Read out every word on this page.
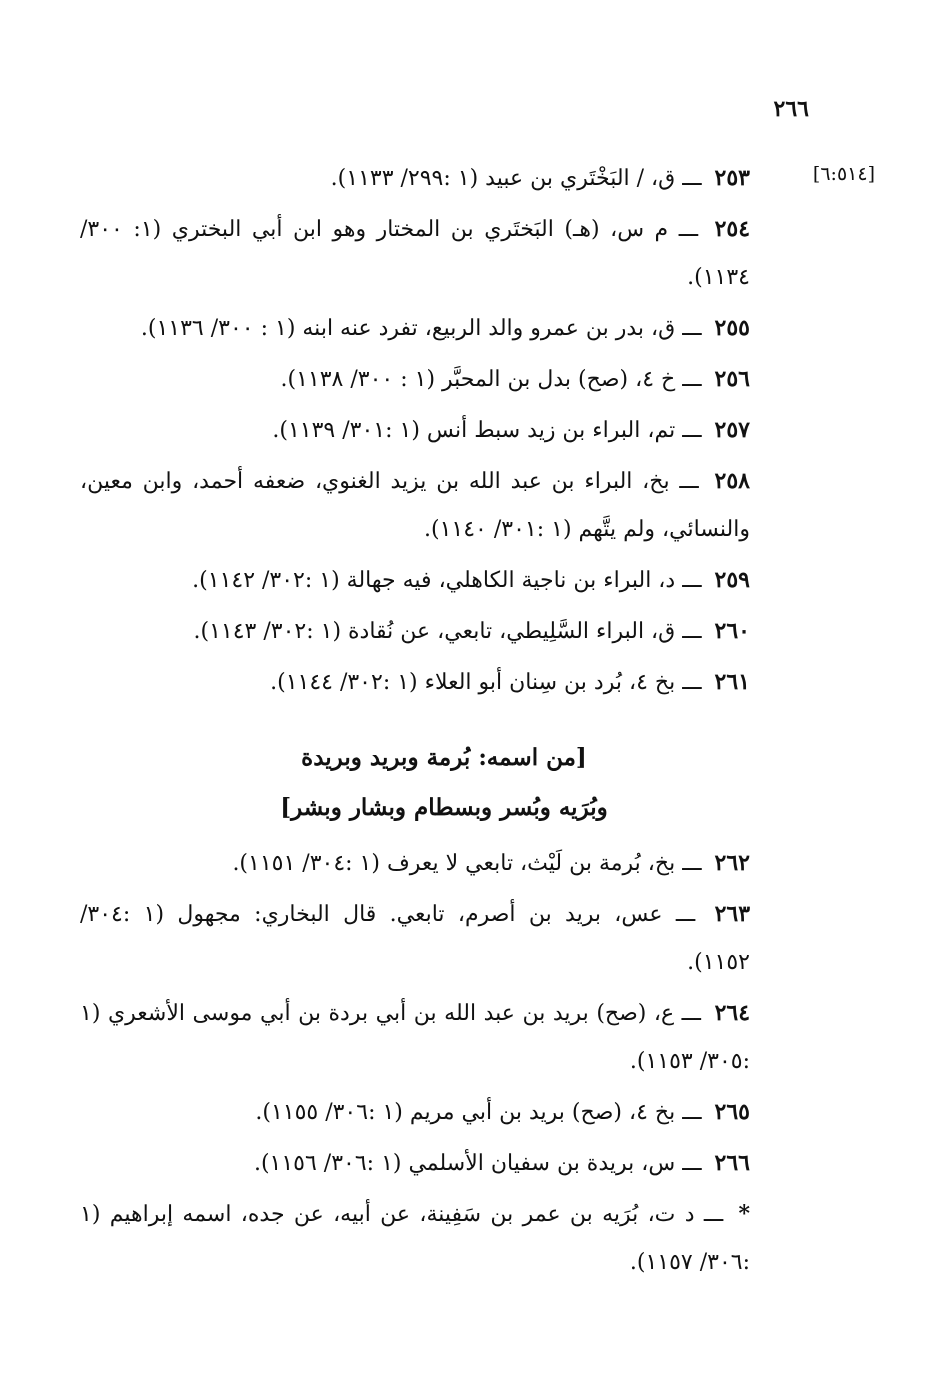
٢٦٦
[٦:٥١٤]

٢٥٣ ـــ ق، / البَخْتَري بن عبيد (١ :٢٩٩/ ١١٣٣).

٢٥٤ ـــ م س، (هـ) البَختَري بن المختار وهو ابن أبي البختري (١: ٣٠٠/ ١١٣٤).

٢٥٥ ـــ ق، بدر بن عمرو والد الربيع، تفرد عنه ابنه (١ : ٣٠٠/ ١١٣٦).

٢٥٦ ـــ خ ٤، (صح) بدل بن المحبَّر (١ : ٣٠٠/ ١١٣٨).

٢٥٧ ـــ تم، البراء بن زيد سبط أنس (١ :٣٠١/ ١١٣٩).

٢٥٨ ـــ بخ، البراء بن عبد الله بن يزيد الغنوي، ضعفه أحمد، وابن معين، والنسائي، ولم يتَّهم (١ :٣٠١/ ١١٤٠).

٢٥٩ ـــ د، البراء بن ناجية الكاهلي، فيه جهالة (١ :٣٠٢/ ١١٤٢).

٢٦٠ ـــ ق، البراء السَّلِيطي، تابعي، عن نُقادة (١ :٣٠٢/ ١١٤٣).

٢٦١ ـــ بخ ٤، بُرد بن سِنان أبو العلاء (١ :٣٠٢/ ١١٤٤).

[من اسمه: بُرمة وبريد وبريدة
وبُرَيه وبُسر وبسطام وبشار وبشر]

٢٦٢ ـــ بخ، بُرمة بن لَيْث، تابعي لا يعرف (١ :٣٠٤/ ١١٥١).

٢٦٣ ـــ عس، بريد بن أصرم، تابعي. قال البخاري: مجهول (١ :٣٠٤/ ١١٥٢).

٢٦٤ ـــ ع، (صح) بريد بن عبد الله بن أبي بردة بن أبي موسى الأشعري (١ :٣٠٥/ ١١٥٣).

٢٦٥ ـــ بخ ٤، (صح) بريد بن أبي مريم (١ :٣٠٦/ ١١٥٥).

٢٦٦ ـــ س، بريدة بن سفيان الأسلمي (١ :٣٠٦/ ١١٥٦).

* ـــ د ت، بُرَيه بن عمر بن سَفِينة، عن أبيه، عن جده، اسمه إبراهيم (١ :٣٠٦/ ١١٥٧).
